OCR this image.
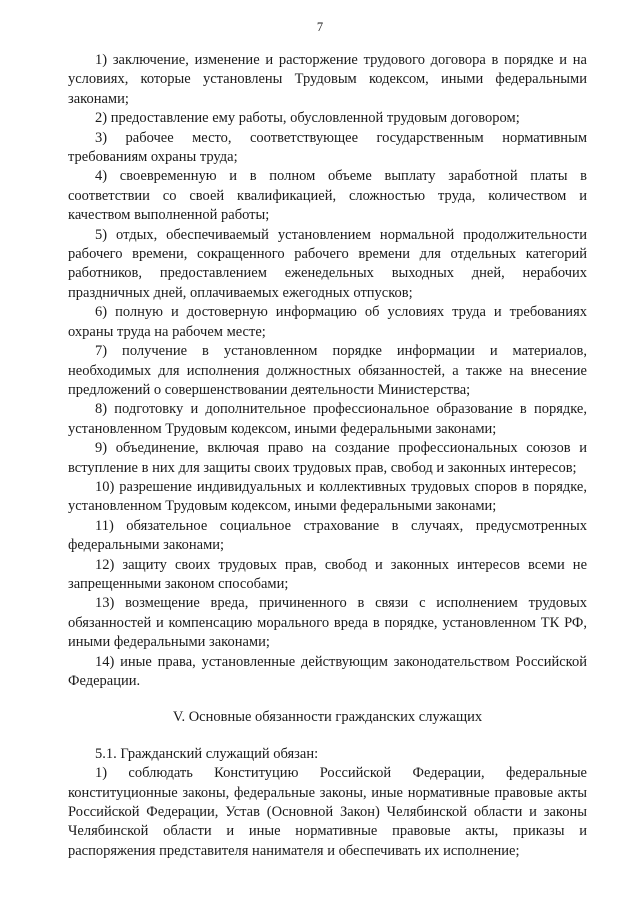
7

1) заключение, изменение и расторжение трудового договора в порядке и на условиях, которые установлены Трудовым кодексом, иными федеральными законами;

2) предоставление ему работы, обусловленной трудовым договором;

3) рабочее место, соответствующее государственным нормативным требованиям охраны труда;

4) своевременную и в полном объеме выплату заработной платы в соответствии со своей квалификацией, сложностью труда, количеством и качеством выполненной работы;

5) отдых, обеспечиваемый установлением нормальной продолжительности рабочего времени, сокращенного рабочего времени для отдельных категорий работников, предоставлением еженедельных выходных дней, нерабочих праздничных дней, оплачиваемых ежегодных отпусков;

6) полную и достоверную информацию об условиях труда и требованиях охраны труда на рабочем месте;

7) получение в установленном порядке информации и материалов, необходимых для исполнения должностных обязанностей, а также на внесение предложений о совершенствовании деятельности Министерства;

8) подготовку и дополнительное профессиональное образование в порядке, установленном Трудовым кодексом, иными федеральными законами;

9) объединение, включая право на создание профессиональных союзов и вступление в них для защиты своих трудовых прав, свобод и законных интересов;

10) разрешение индивидуальных и коллективных трудовых споров в порядке, установленном Трудовым кодексом, иными федеральными законами;

11) обязательное социальное страхование в случаях, предусмотренных федеральными законами;

12) защиту своих трудовых прав, свобод и законных интересов всеми не запрещенными законом способами;

13) возмещение вреда, причиненного в связи с исполнением трудовых обязанностей и компенсацию морального вреда в порядке, установленном ТК РФ, иными федеральными законами;

14) иные права, установленные действующим законодательством Российской Федерации.

V. Основные обязанности гражданских служащих

5.1. Гражданский служащий обязан:

1) соблюдать Конституцию Российской Федерации, федеральные конституционные законы, федеральные законы, иные нормативные правовые акты Российской Федерации, Устав (Основной Закон) Челябинской области и законы Челябинской области и иные нормативные правовые акты, приказы и распоряжения представителя нанимателя и обеспечивать их исполнение;
